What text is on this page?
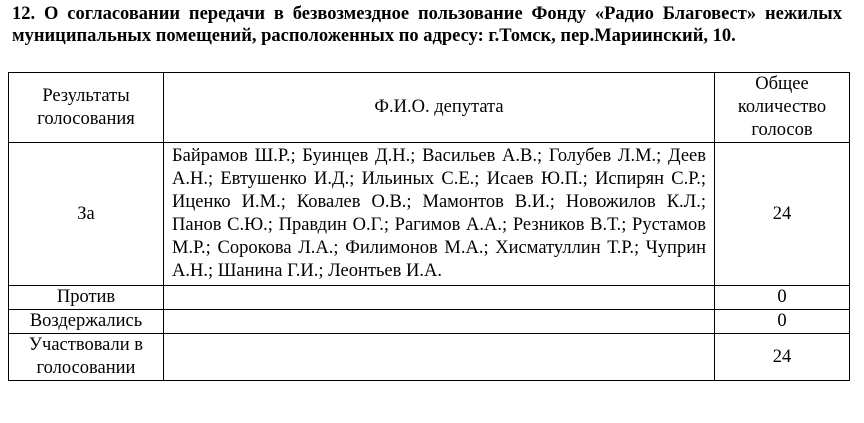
12. О согласовании передачи в безвозмездное пользование Фонду «Радио Благовест» нежилых муниципальных помещений, расположенных по адресу: г.Томск, пер.Мариинский, 10.
Результаты голосования	Ф.И.О. депутата	Общее количество голосов
За	Байрамов Ш.Р.; Буинцев Д.Н.; Васильев А.В.; Голубев Л.М.; Деев А.Н.; Евтушенко И.Д.; Ильиных С.Е.; Исаев Ю.П.; Испирян С.Р.; Иценко И.М.; Ковалев О.В.; Мамонтов В.И.; Новожилов К.Л.; Панов С.Ю.; Правдин О.Г.; Рагимов А.А.; Резников В.Т.; Рустамов М.Р.; Сорокова Л.А.; Филимонов М.А.; Хисматуллин Т.Р.; Чуприн А.Н.; Шанина Г.И.; Леонтьев И.А.	24
Против		0
Воздержались		0
Участвовали в голосовании		24
